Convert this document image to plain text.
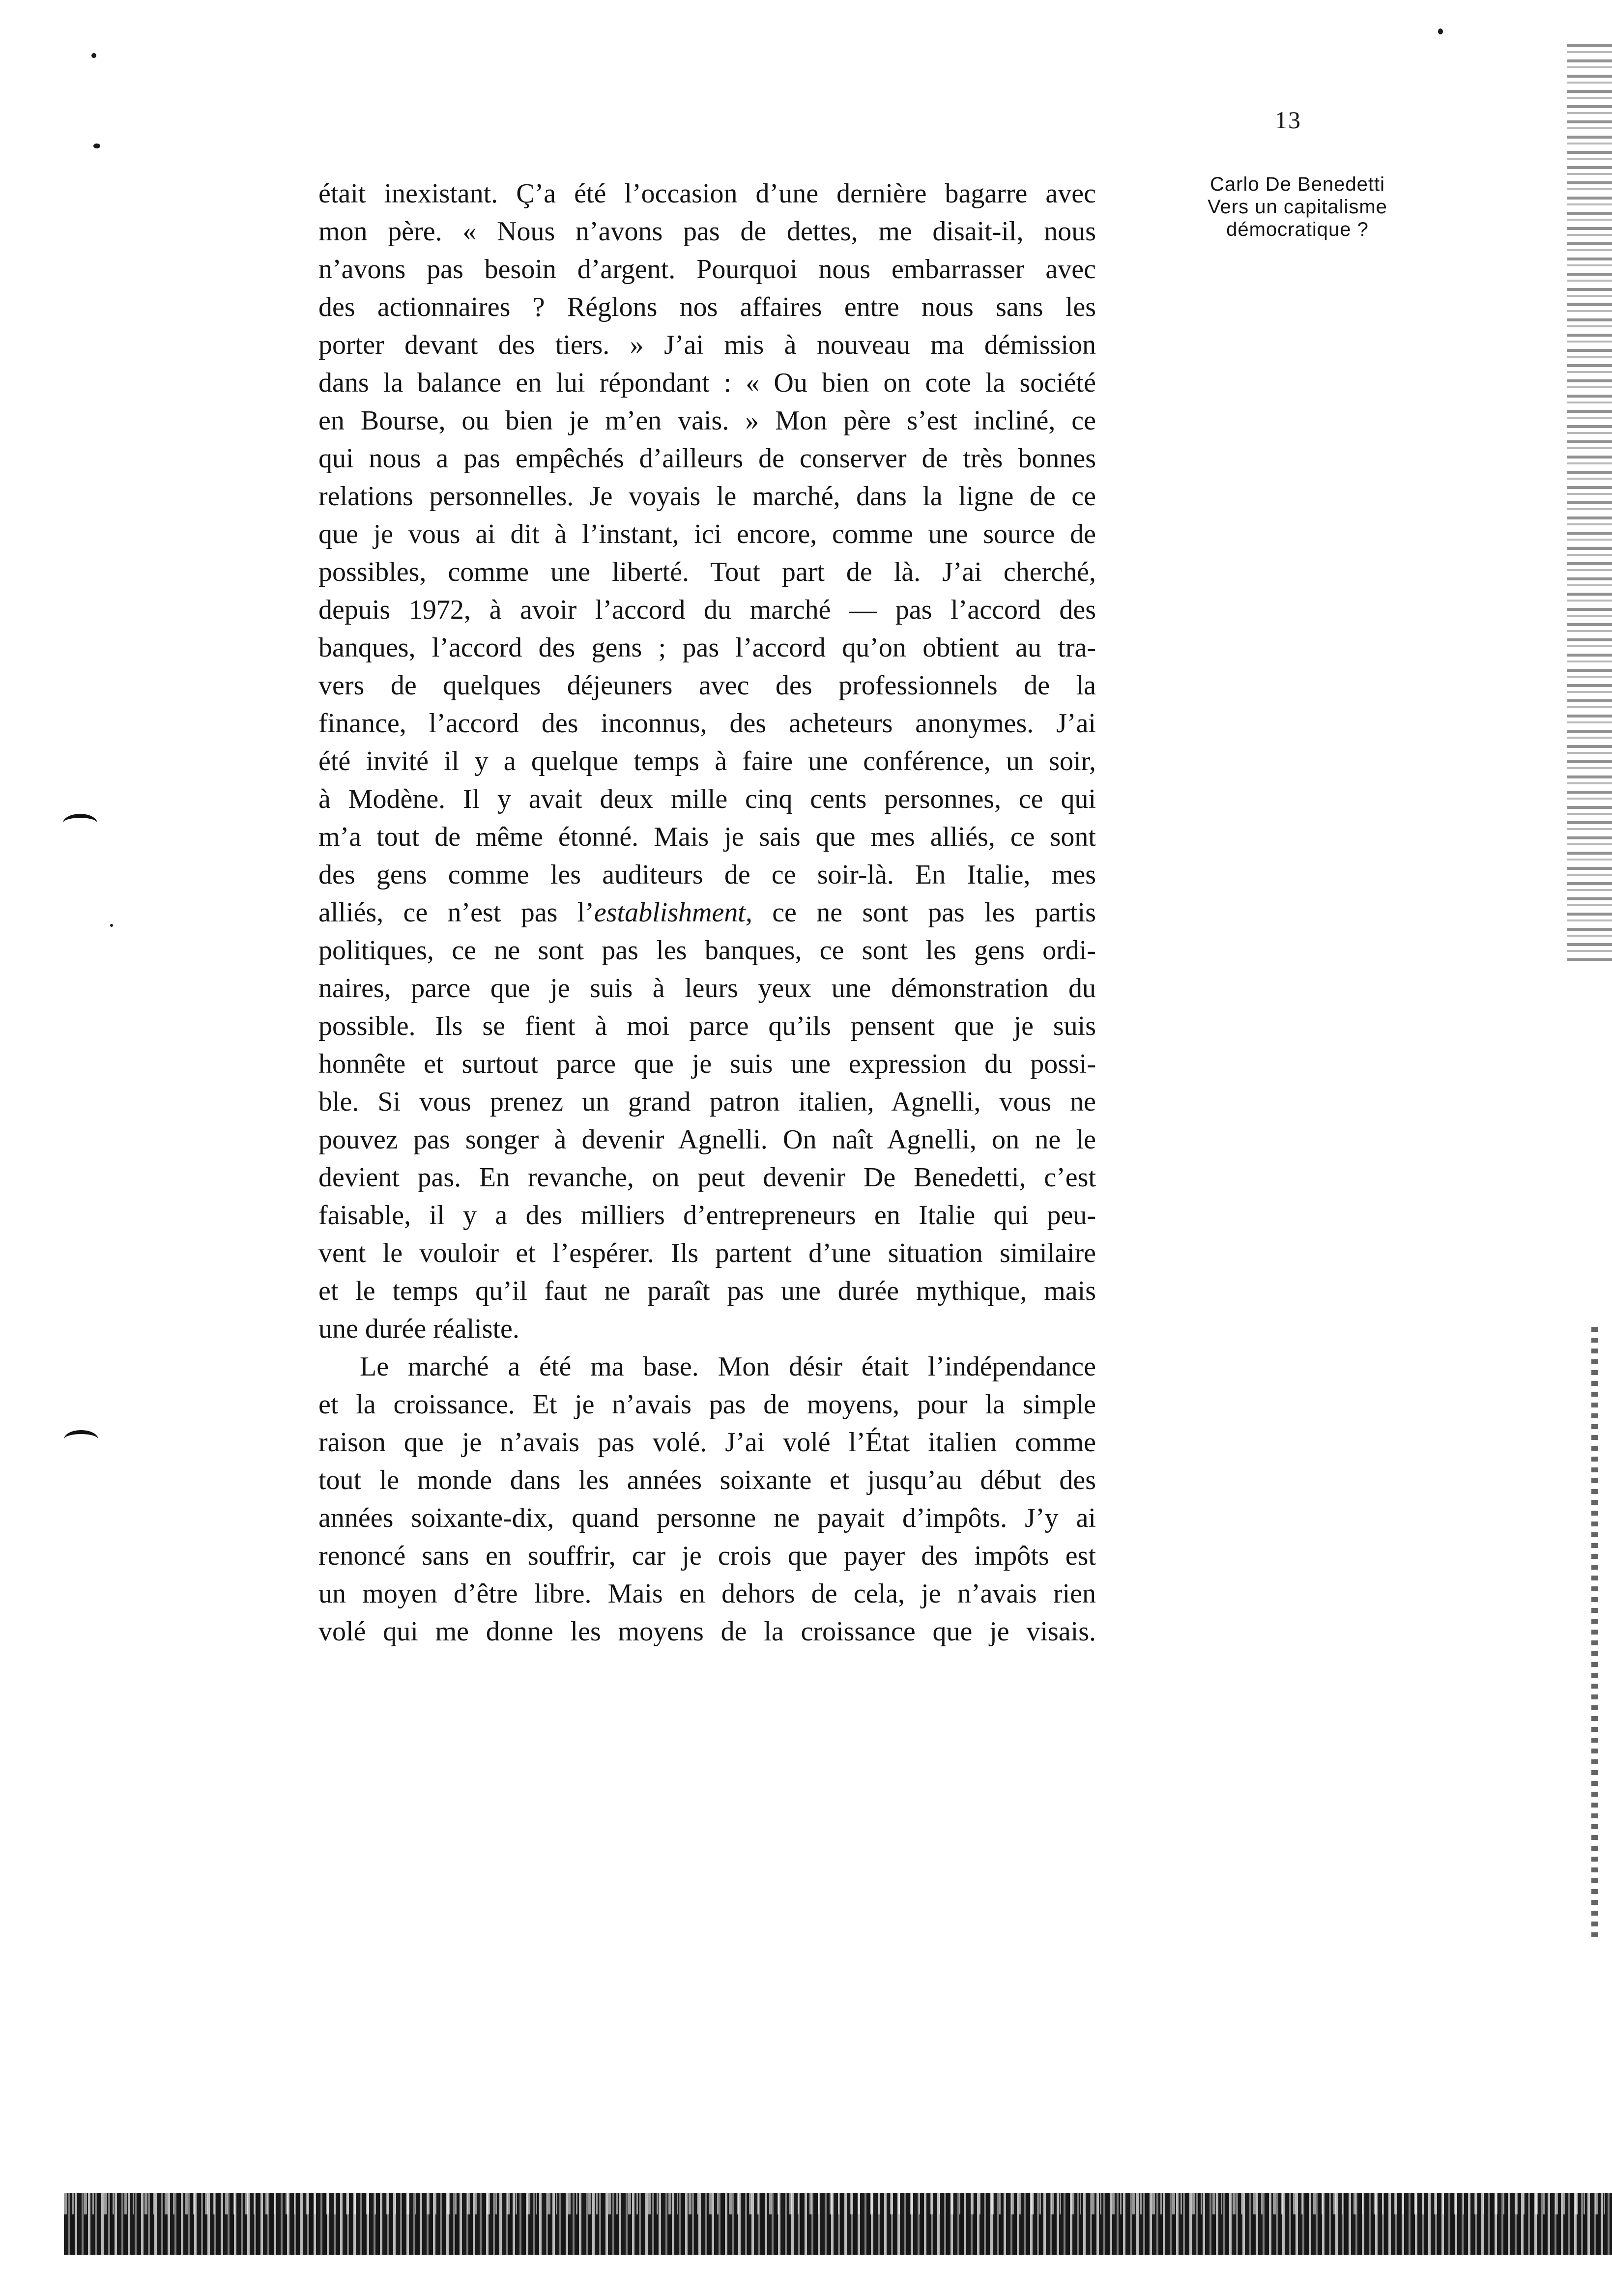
13
Carlo De Benedetti
Vers un capitalisme
démocratique ?

était inexistant. Ç’a été l’occasion d’une dernière bagarre avec
mon père. « Nous n’avons pas de dettes, me disait-il, nous
n’avons pas besoin d’argent. Pourquoi nous embarrasser avec
des actionnaires ? Réglons nos affaires entre nous sans les
porter devant des tiers. » J’ai mis à nouveau ma démission
dans la balance en lui répondant : « Ou bien on cote la société
en Bourse, ou bien je m’en vais. » Mon père s’est incliné, ce
qui nous a pas empêchés d’ailleurs de conserver de très bonnes
relations personnelles. Je voyais le marché, dans la ligne de ce
que je vous ai dit à l’instant, ici encore, comme une source de
possibles, comme une liberté. Tout part de là. J’ai cherché,
depuis 1972, à avoir l’accord du marché — pas l’accord des
banques, l’accord des gens ; pas l’accord qu’on obtient au tra-
vers de quelques déjeuners avec des professionnels de la
finance, l’accord des inconnus, des acheteurs anonymes. J’ai
été invité il y a quelque temps à faire une conférence, un soir,
à Modène. Il y avait deux mille cinq cents personnes, ce qui
m’a tout de même étonné. Mais je sais que mes alliés, ce sont
des gens comme les auditeurs de ce soir-là. En Italie, mes
alliés, ce n’est pas l’establishment, ce ne sont pas les partis
politiques, ce ne sont pas les banques, ce sont les gens ordi-
naires, parce que je suis à leurs yeux une démonstration du
possible. Ils se fient à moi parce qu’ils pensent que je suis
honnête et surtout parce que je suis une expression du possi-
ble. Si vous prenez un grand patron italien, Agnelli, vous ne
pouvez pas songer à devenir Agnelli. On naît Agnelli, on ne le
devient pas. En revanche, on peut devenir De Benedetti, c’est
faisable, il y a des milliers d’entrepreneurs en Italie qui peu-
vent le vouloir et l’espérer. Ils partent d’une situation similaire
et le temps qu’il faut ne paraît pas une durée mythique, mais
une durée réaliste.

Le marché a été ma base. Mon désir était l’indépendance
et la croissance. Et je n’avais pas de moyens, pour la simple
raison que je n’avais pas volé. J’ai volé l’État italien comme
tout le monde dans les années soixante et jusqu’au début des
années soixante-dix, quand personne ne payait d’impôts. J’y ai
renoncé sans en souffrir, car je crois que payer des impôts est
un moyen d’être libre. Mais en dehors de cela, je n’avais rien
volé qui me donne les moyens de la croissance que je visais.
